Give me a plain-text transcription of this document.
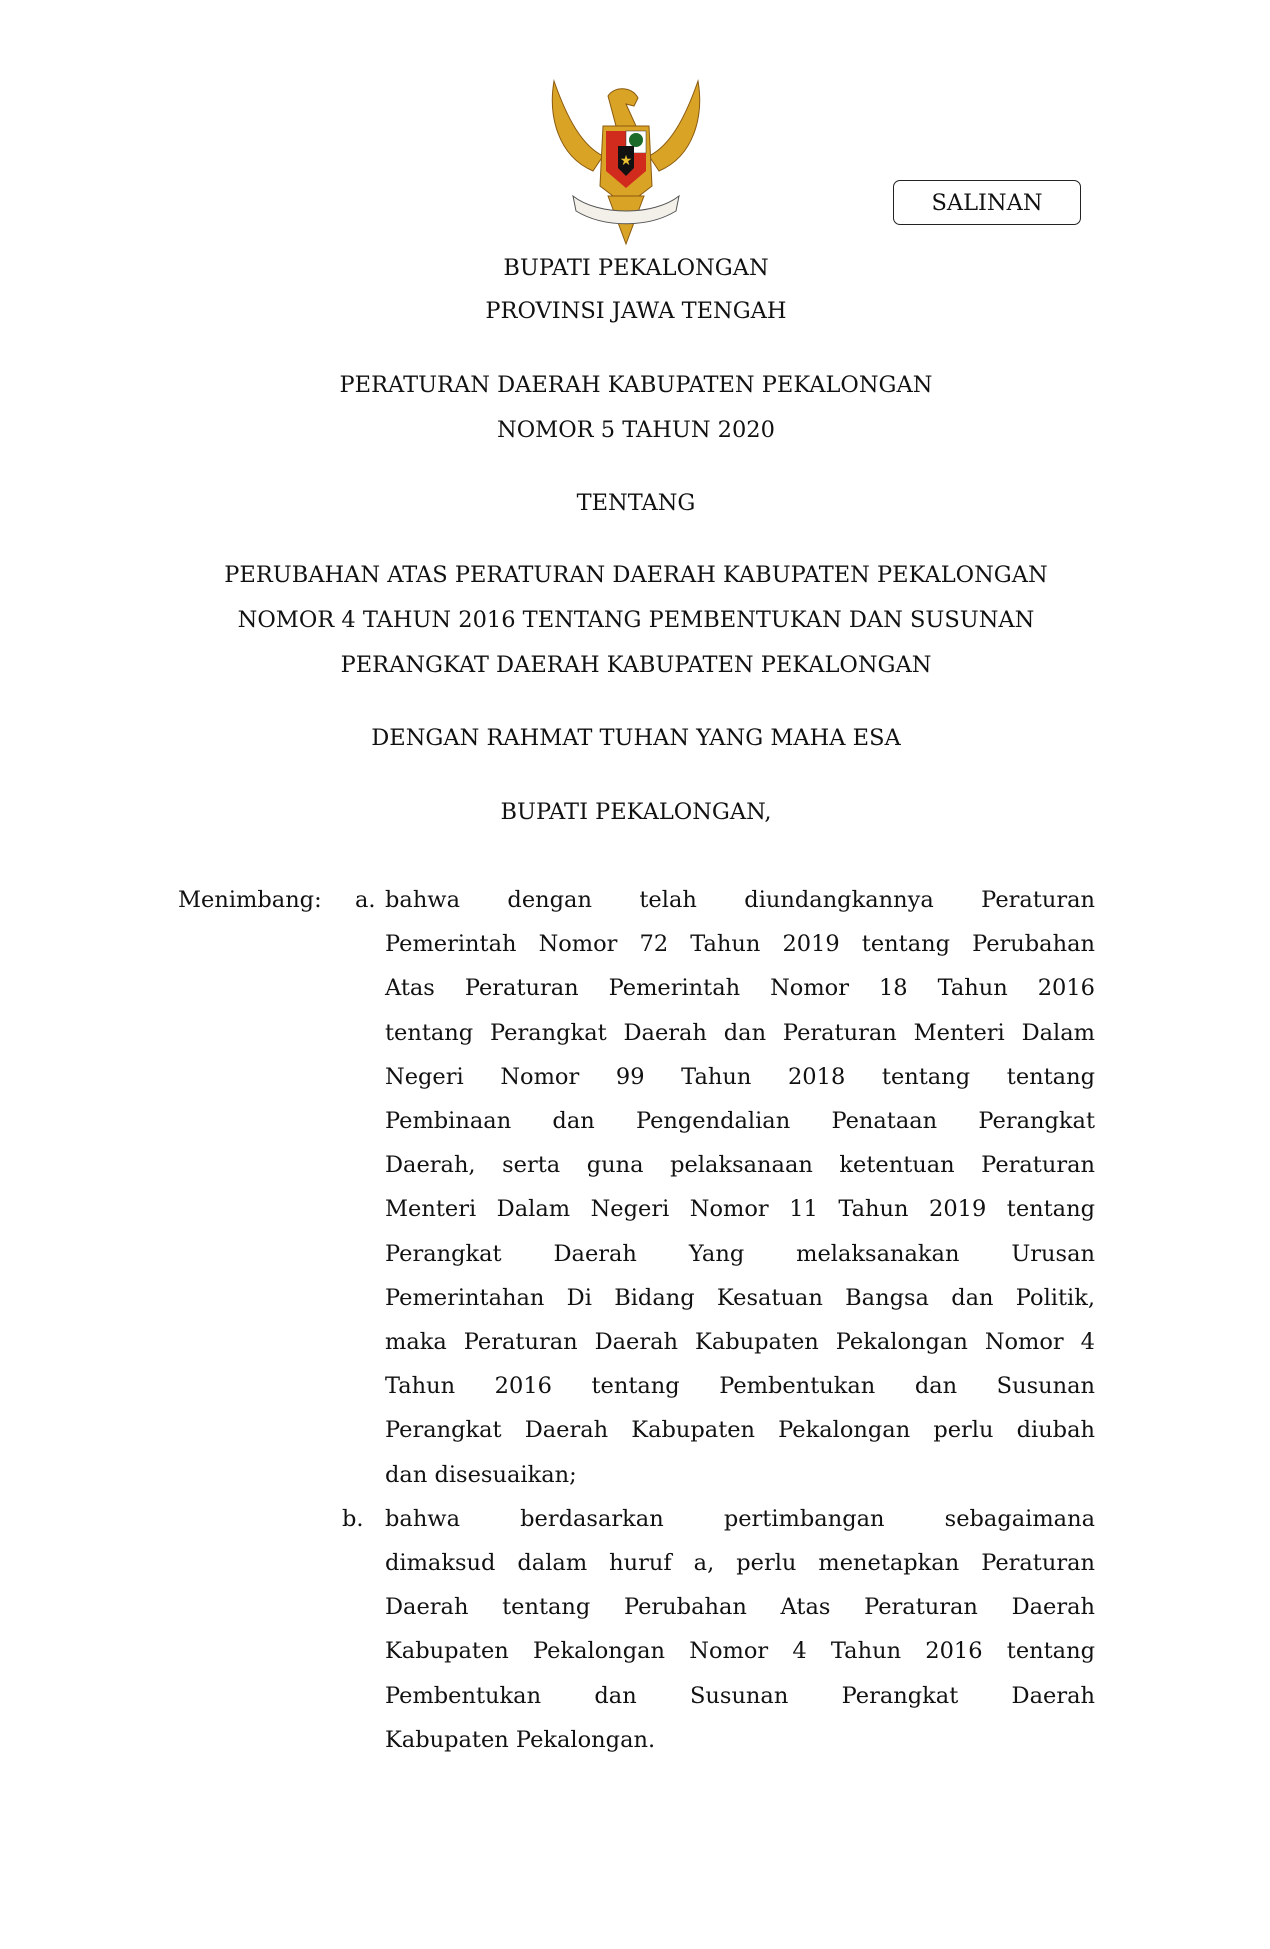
★
SALINAN
BUPATI PEKALONGAN
PROVINSI JAWA TENGAH
PERATURAN DAERAH KABUPATEN PEKALONGAN
NOMOR 5 TAHUN 2020
TENTANG
PERUBAHAN ATAS PERATURAN DAERAH KABUPATEN PEKALONGAN
NOMOR 4 TAHUN 2016 TENTANG PEMBENTUKAN DAN SUSUNAN
PERANGKAT DAERAH KABUPATEN PEKALONGAN
DENGAN RAHMAT TUHAN YANG MAHA ESA
BUPATI PEKALONGAN,
Menimbang: a. bahwa dengan telah diundangkannya Peraturan
Pemerintah Nomor 72 Tahun 2019 tentang Perubahan
Atas Peraturan Pemerintah Nomor 18 Tahun 2016
tentang Perangkat Daerah dan Peraturan Menteri Dalam
Negeri Nomor 99 Tahun 2018 tentang tentang
Pembinaan dan Pengendalian Penataan Perangkat
Daerah, serta guna pelaksanaan ketentuan Peraturan
Menteri Dalam Negeri Nomor 11 Tahun 2019 tentang
Perangkat Daerah Yang melaksanakan Urusan
Pemerintahan Di Bidang Kesatuan Bangsa dan Politik,
maka Peraturan Daerah Kabupaten Pekalongan Nomor 4
Tahun 2016 tentang Pembentukan dan Susunan
Perangkat Daerah Kabupaten Pekalongan perlu diubah
dan disesuaikan;
b. bahwa berdasarkan pertimbangan sebagaimana
dimaksud dalam huruf a, perlu menetapkan Peraturan
Daerah tentang Perubahan Atas Peraturan Daerah
Kabupaten Pekalongan Nomor 4 Tahun 2016 tentang
Pembentukan dan Susunan Perangkat Daerah
Kabupaten Pekalongan.
